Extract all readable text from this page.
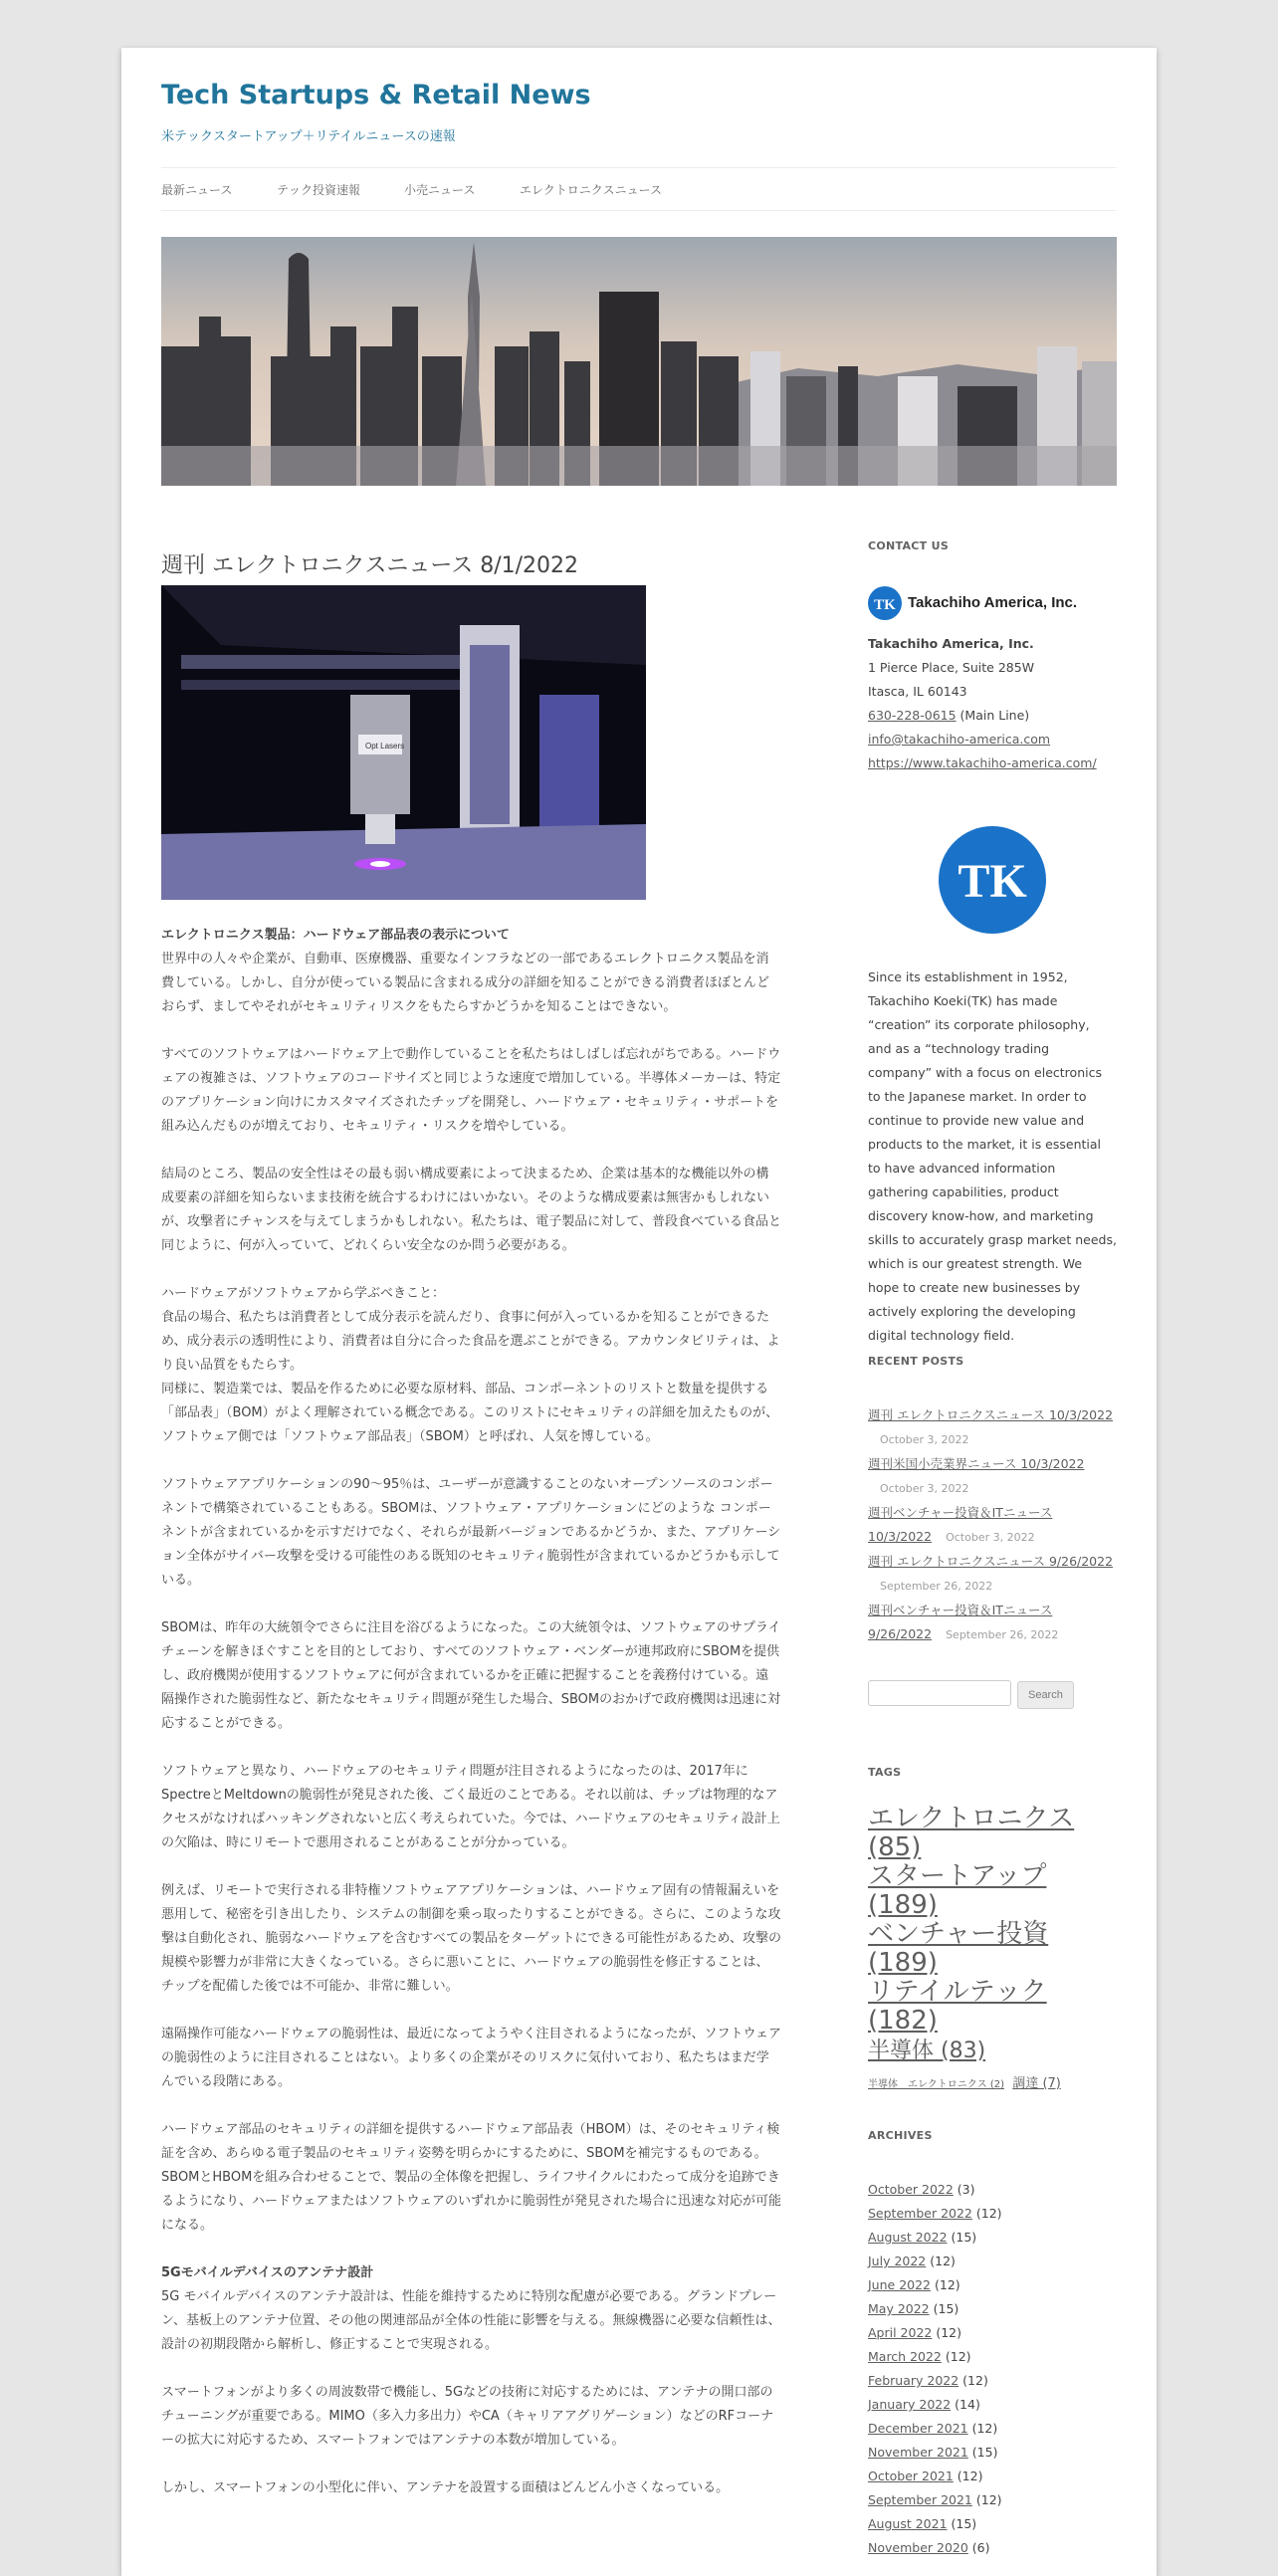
Tech Startups & Retail News
米テックスタートアップ＋リテイルニュースの速報
最新ニュース	テック投資速報	小売ニュース	エレクトロニクスニュース
週刊 エレクトロニクスニュース 8/1/2022
Opt Lasers

エレクトロニクス製品：ハードウェア部品表の表示について
世界中の人々や企業が、自動車、医療機器、重要なインフラなどの一部であるエレクトロニクス製品を消費している。しかし、自分が使っている製品に含まれる成分の詳細を知ることができる消費者ほぼとんどおらず、ましてやそれがセキュリティリスクをもたらすかどうかを知ることはできない。

すべてのソフトウェアはハードウェア上で動作していることを私たちはしばしば忘れがちである。ハードウェアの複雑さは、ソフトウェアのコードサイズと同じような速度で増加している。半導体メーカーは、特定のアプリケーション向けにカスタマイズされたチップを開発し、ハードウェア・セキュリティ・サポートを組み込んだものが増えており、セキュリティ・リスクを増やしている。

結局のところ、製品の安全性はその最も弱い構成要素によって決まるため、企業は基本的な機能以外の構成要素の詳細を知らないまま技術を統合するわけにはいかない。そのような構成要素は無害かもしれないが、攻撃者にチャンスを与えてしまうかもしれない。私たちは、電子製品に対して、普段食べている食品と同じように、何が入っていて、どれくらい安全なのか問う必要がある。

ハードウェアがソフトウェアから学ぶべきこと：
食品の場合、私たちは消費者として成分表示を読んだり、食事に何が入っているかを知ることができるため、成分表示の透明性により、消費者は自分に合った食品を選ぶことができる。アカウンタビリティは、より良い品質をもたらす。
同様に、製造業では、製品を作るために必要な原材料、部品、コンポーネントのリストと数量を提供する「部品表」（BOM）がよく理解されている概念である。このリストにセキュリティの詳細を加えたものが、ソフトウェア側では「ソフトウェア部品表」（SBOM）と呼ばれ、人気を博している。

ソフトウェアアプリケーションの90～95％は、ユーザーが意識することのないオープンソースのコンポーネントで構築されていることもある。SBOMは、ソフトウェア・アプリケーションにどのような コンポーネントが含まれているかを示すだけでなく、それらが最新バージョンであるかどうか、また、アプリケーション全体がサイバー攻撃を受ける可能性のある既知のセキュリティ脆弱性が含まれているかどうかも示している。

SBOMは、昨年の大統領令でさらに注目を浴びるようになった。この大統領令は、ソフトウェアのサプライチェーンを解きほぐすことを目的としており、すべてのソフトウェア・ベンダーが連邦政府にSBOMを提供し、政府機関が使用するソフトウェアに何が含まれているかを正確に把握することを義務付けている。遠隔操作された脆弱性など、新たなセキュリティ問題が発生した場合、SBOMのおかげで政府機関は迅速に対応することができる。

ソフトウェアと異なり、ハードウェアのセキュリティ問題が注目されるようになったのは、2017年にSpectreとMeltdownの脆弱性が発見された後、ごく最近のことである。それ以前は、チップは物理的なアクセスがなければハッキングされないと広く考えられていた。今では、ハードウェアのセキュリティ設計上の欠陥は、時にリモートで悪用されることがあることが分かっている。

例えば、リモートで実行される非特権ソフトウェアアプリケーションは、ハードウェア固有の情報漏えいを悪用して、秘密を引き出したり、システムの制御を乗っ取ったりすることができる。さらに、このような攻撃は自動化され、脆弱なハードウェアを含むすべての製品をターゲットにできる可能性があるため、攻撃の規模や影響力が非常に大きくなっている。さらに悪いことに、ハードウェアの脆弱性を修正することは、チップを配備した後では不可能か、非常に難しい。

遠隔操作可能なハードウェアの脆弱性は、最近になってようやく注目されるようになったが、ソフトウェアの脆弱性のように注目されることはない。より多くの企業がそのリスクに気付いており、私たちはまだ学んでいる段階にある。

ハードウェア部品のセキュリティの詳細を提供するハードウェア部品表（HBOM）は、そのセキュリティ検証を含め、あらゆる電子製品のセキュリティ姿勢を明らかにするために、SBOMを補完するものである。SBOMとHBOMを組み合わせることで、製品の全体像を把握し、ライフサイクルにわたって成分を追跡できるようになり、ハードウェアまたはソフトウェアのいずれかに脆弱性が発見された場合に迅速な対応が可能になる。

5Gモバイルデバイスのアンテナ設計
5G モバイルデバイスのアンテナ設計は、性能を維持するために特別な配慮が必要である。グランドプレーン、基板上のアンテナ位置、その他の関連部品が全体の性能に影響を与える。無線機器に必要な信頼性は、設計の初期段階から解析し、修正することで実現される。

スマートフォンがより多くの周波数帯で機能し、5Gなどの技術に対応するためには、アンテナの開口部のチューニングが重要である。MIMO（多入力多出力）やCA（キャリアアグリゲーション）などのRFコーナーの拡大に対応するため、スマートフォンではアンテナの本数が増加している。

しかし、スマートフォンの小型化に伴い、アンテナを設置する面積はどんどん小さくなっている。

CONTACT US
TK Takachiho America, Inc.
Takachiho America, Inc.
1 Pierce Place, Suite 285W
Itasca, IL 60143
630-228-0615 (Main Line)
info@takachiho-america.com
https://www.takachiho-america.com/
TK
Since its establishment in 1952, Takachiho Koeki(TK) has made “creation” its corporate philosophy, and as a “technology trading company” with a focus on electronics to the Japanese market. In order to continue to provide new value and products to the market, it is essential to have advanced information gathering capabilities, product discovery know-how, and marketing skills to accurately grasp market needs, which is our greatest strength. We hope to create new businesses by actively exploring the developing digital technology field.
RECENT POSTS
週刊 エレクトロニクスニュース 10/3/2022
October 3, 2022
週刊米国小売業界ニュース 10/3/2022
October 3, 2022
週刊ベンチャー投資＆ITニュース 10/3/2022 October 3, 2022
週刊 エレクトロニクスニュース 9/26/2022
September 26, 2022
週刊ベンチャー投資＆ITニュース 9/26/2022 September 26, 2022
Search
TAGS
エレクトロニクス (85)
スタートアップ (189)
ベンチャー投資 (189)
リテイルテック (182)
半導体 (83)
半導体　エレクトロニクス (2) 調達 (7)
ARCHIVES
October 2022 (3)
September 2022 (12)
August 2022 (15)
July 2022 (12)
June 2022 (12)
May 2022 (15)
April 2022 (12)
March 2022 (12)
February 2022 (12)
January 2022 (14)
December 2021 (12)
November 2021 (15)
October 2021 (12)
September 2021 (12)
August 2021 (15)
November 2020 (6)
